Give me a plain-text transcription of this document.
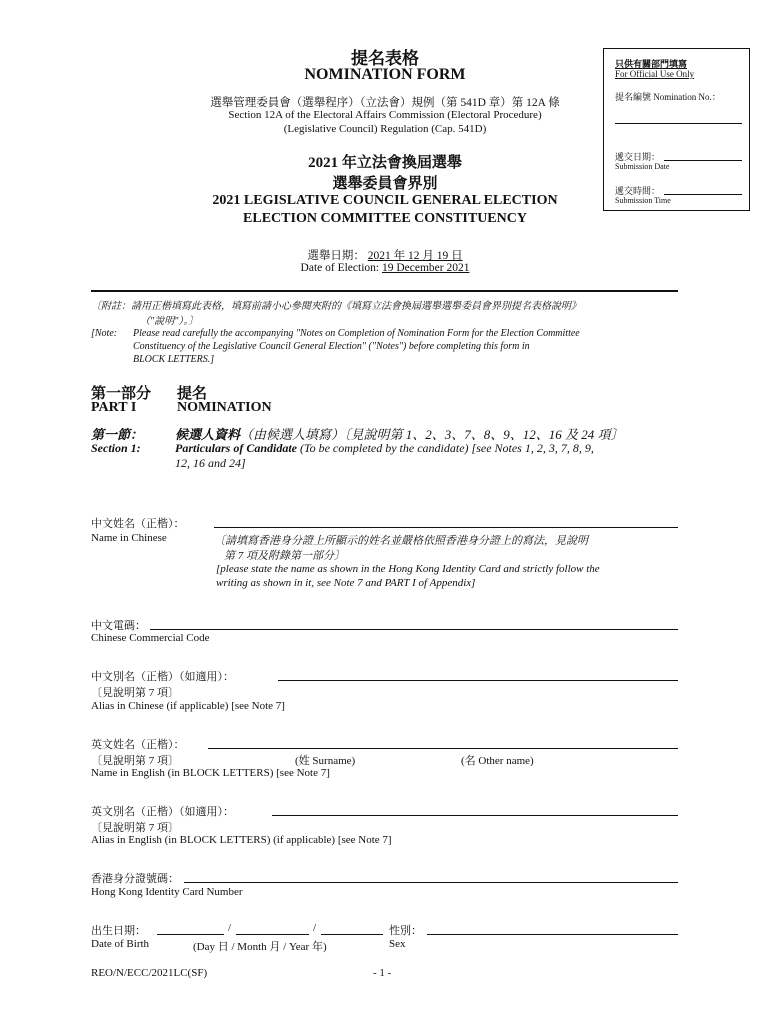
提名表格
NOMINATION FORM
選舉管理委員會（選舉程序）（立法會）規例（第 541D 章）第 12A 條
Section 12A of the Electoral Affairs Commission (Electoral Procedure)
(Legislative Council) Regulation (Cap. 541D)
2021 年立法會換屆選舉
選舉委員會界別
2021 LEGISLATIVE COUNCIL GENERAL ELECTION
ELECTION COMMITTEE CONSTITUENCY
選舉日期： 2021 年 12 月 19 日
Date of Election: 19 December 2021
只供有關部門填寫
For Official Use Only
提名編號 Nomination No.：
遞交日期：
Submission Date
遞交時間：
Submission Time
〔附註：請用正楷填寫此表格，填寫前請小心參閱夾附的《填寫立法會換屆選舉選舉委員會界別提名表格說明》
（"說明"）。〕
[Note: Please read carefully the accompanying "Notes on Completion of Nomination Form for the Election Committee
Constituency of the Legislative Council General Election" ("Notes") before completing this form in
BLOCK LETTERS.]
第一部分 提名
PART I	NOMINATION
第一節： 候選人資料（由候選人填寫）〔見說明第 1、2、3、7、8、9、12、16 及 24 項〕
Section 1:	Particulars of Candidate (To be completed by the candidate) [see Notes 1, 2, 3, 7, 8, 9,
12, 16 and 24]
中文姓名（正楷）：
Name in Chinese	〔請填寫香港身分證上所顯示的姓名並嚴格依照香港身分證上的寫法，見說明
第 7 項及附錄第一部分〕
[please state the name as shown in the Hong Kong Identity Card and strictly follow the
writing as shown in it, see Note 7 and PART I of Appendix]
中文電碼：
Chinese Commercial Code
中文別名（正楷）（如適用）：
〔見說明第 7 項〕
Alias in Chinese (if applicable) [see Note 7]
英文姓名（正楷）：
〔見說明第 7 項〕	(姓 Surname)	(名 Other name)
Name in English (in BLOCK LETTERS) [see Note 7]
英文別名（正楷）（如適用）：
〔見說明第 7 項〕
Alias in English (in BLOCK LETTERS) (if applicable) [see Note 7]
香港身分證號碼：
Hong Kong Identity Card Number
出生日期：	/	/	性別：
Date of Birth	(Day 日 / Month 月 / Year 年)	Sex
REO/N/ECC/2021LC(SF)	- 1 -
